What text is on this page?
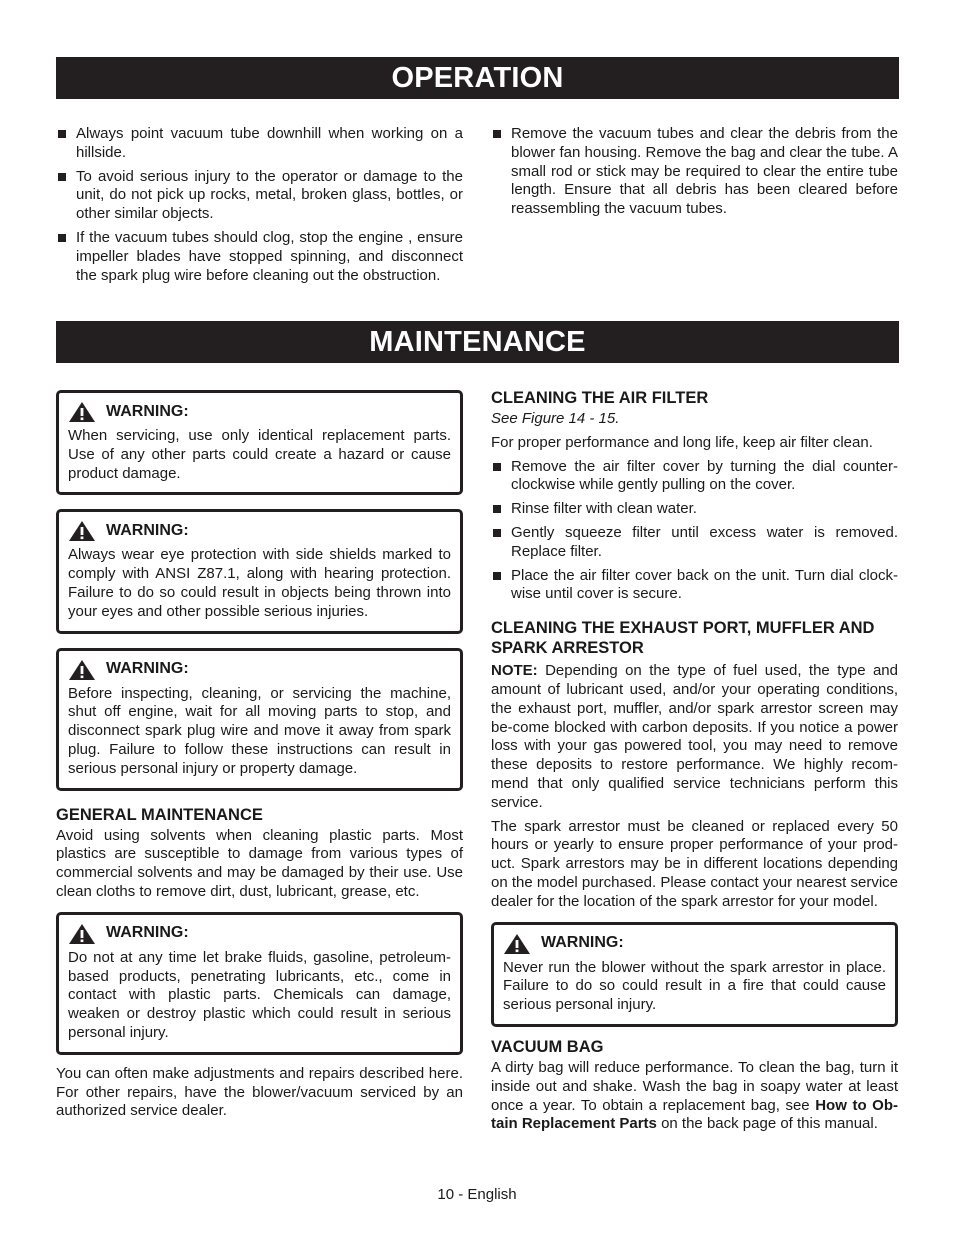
OPERATION
Always point vacuum tube downhill when working on a hillside.
To avoid serious injury to the operator or damage to the unit, do not pick up rocks, metal, broken glass, bottles, or other similar objects.
If the vacuum tubes should clog, stop the engine , ensure impeller blades have stopped spinning, and disconnect the spark plug wire before cleaning out the obstruction.
Remove the vacuum tubes and clear the debris from the blower fan housing. Remove the bag and clear the tube. A small rod or stick may be required to clear the entire tube length. Ensure that all debris has been cleared before reassembling the vacuum tubes.
MAINTENANCE
WARNING:

When servicing, use only identical replacement parts. Use of any other parts could create a hazard or cause product damage.

WARNING:

Always wear eye protection with side shields marked to comply with ANSI Z87.1, along with hearing protection. Failure to do so could result in objects being thrown into your eyes and other possible serious injuries.

WARNING:

Before inspecting, cleaning, or servicing the machine, shut off engine, wait for all moving parts to stop, and disconnect spark plug wire and move it away from spark plug. Failure to follow these instructions can result in serious personal injury or property damage.

GENERAL MAINTENANCE

Avoid using solvents when cleaning plastic parts. Most plastics are susceptible to damage from various types of commercial solvents and may be damaged by their use. Use clean cloths to remove dirt, dust, lubricant, grease, etc.

WARNING:

Do not at any time let brake fluids, gasoline, petroleum-based products, penetrating lubricants, etc., come in contact with plastic parts. Chemicals can damage, weaken or destroy plastic which could result in serious personal injury.

You can often make adjustments and repairs described here. For other repairs, have the blower/vacuum serviced by an authorized service dealer.

CLEANING THE AIR FILTER

See Figure 14 - 15.

For proper performance and long life, keep air filter clean.

Remove the air filter cover by turning the dial counter-clockwise while gently pulling on the cover.
Rinse filter with clean water.
Gently squeeze filter until excess water is removed. Replace filter.
Place the air filter cover back on the unit. Turn dial clock-wise until cover is secure.
CLEANING THE EXHAUST PORT, MUFFLER AND SPARK ARRESTOR

NOTE: Depending on the type of fuel used, the type and amount of lubricant used, and/or your operating conditions, the exhaust port, muffler, and/or spark arrestor screen may be-come blocked with carbon deposits. If you notice a power loss with your gas powered tool, you may need to remove these deposits to restore performance. We highly recom-mend that only qualified service technicians perform this service.

The spark arrestor must be cleaned or replaced every 50 hours or yearly to ensure proper performance of your prod-uct. Spark arrestors may be in different locations depending on the model purchased. Please contact your nearest service dealer for the location of the spark arrestor for your model.

WARNING:

Never run the blower without the spark arrestor in place. Failure to do so could result in a fire that could cause serious personal injury.

VACUUM BAG

A dirty bag will reduce performance. To clean the bag, turn it inside out and shake. Wash the bag in soapy water at least once a year. To obtain a replacement bag, see How to Ob-tain Replacement Parts on the back page of this manual.

10 - English
